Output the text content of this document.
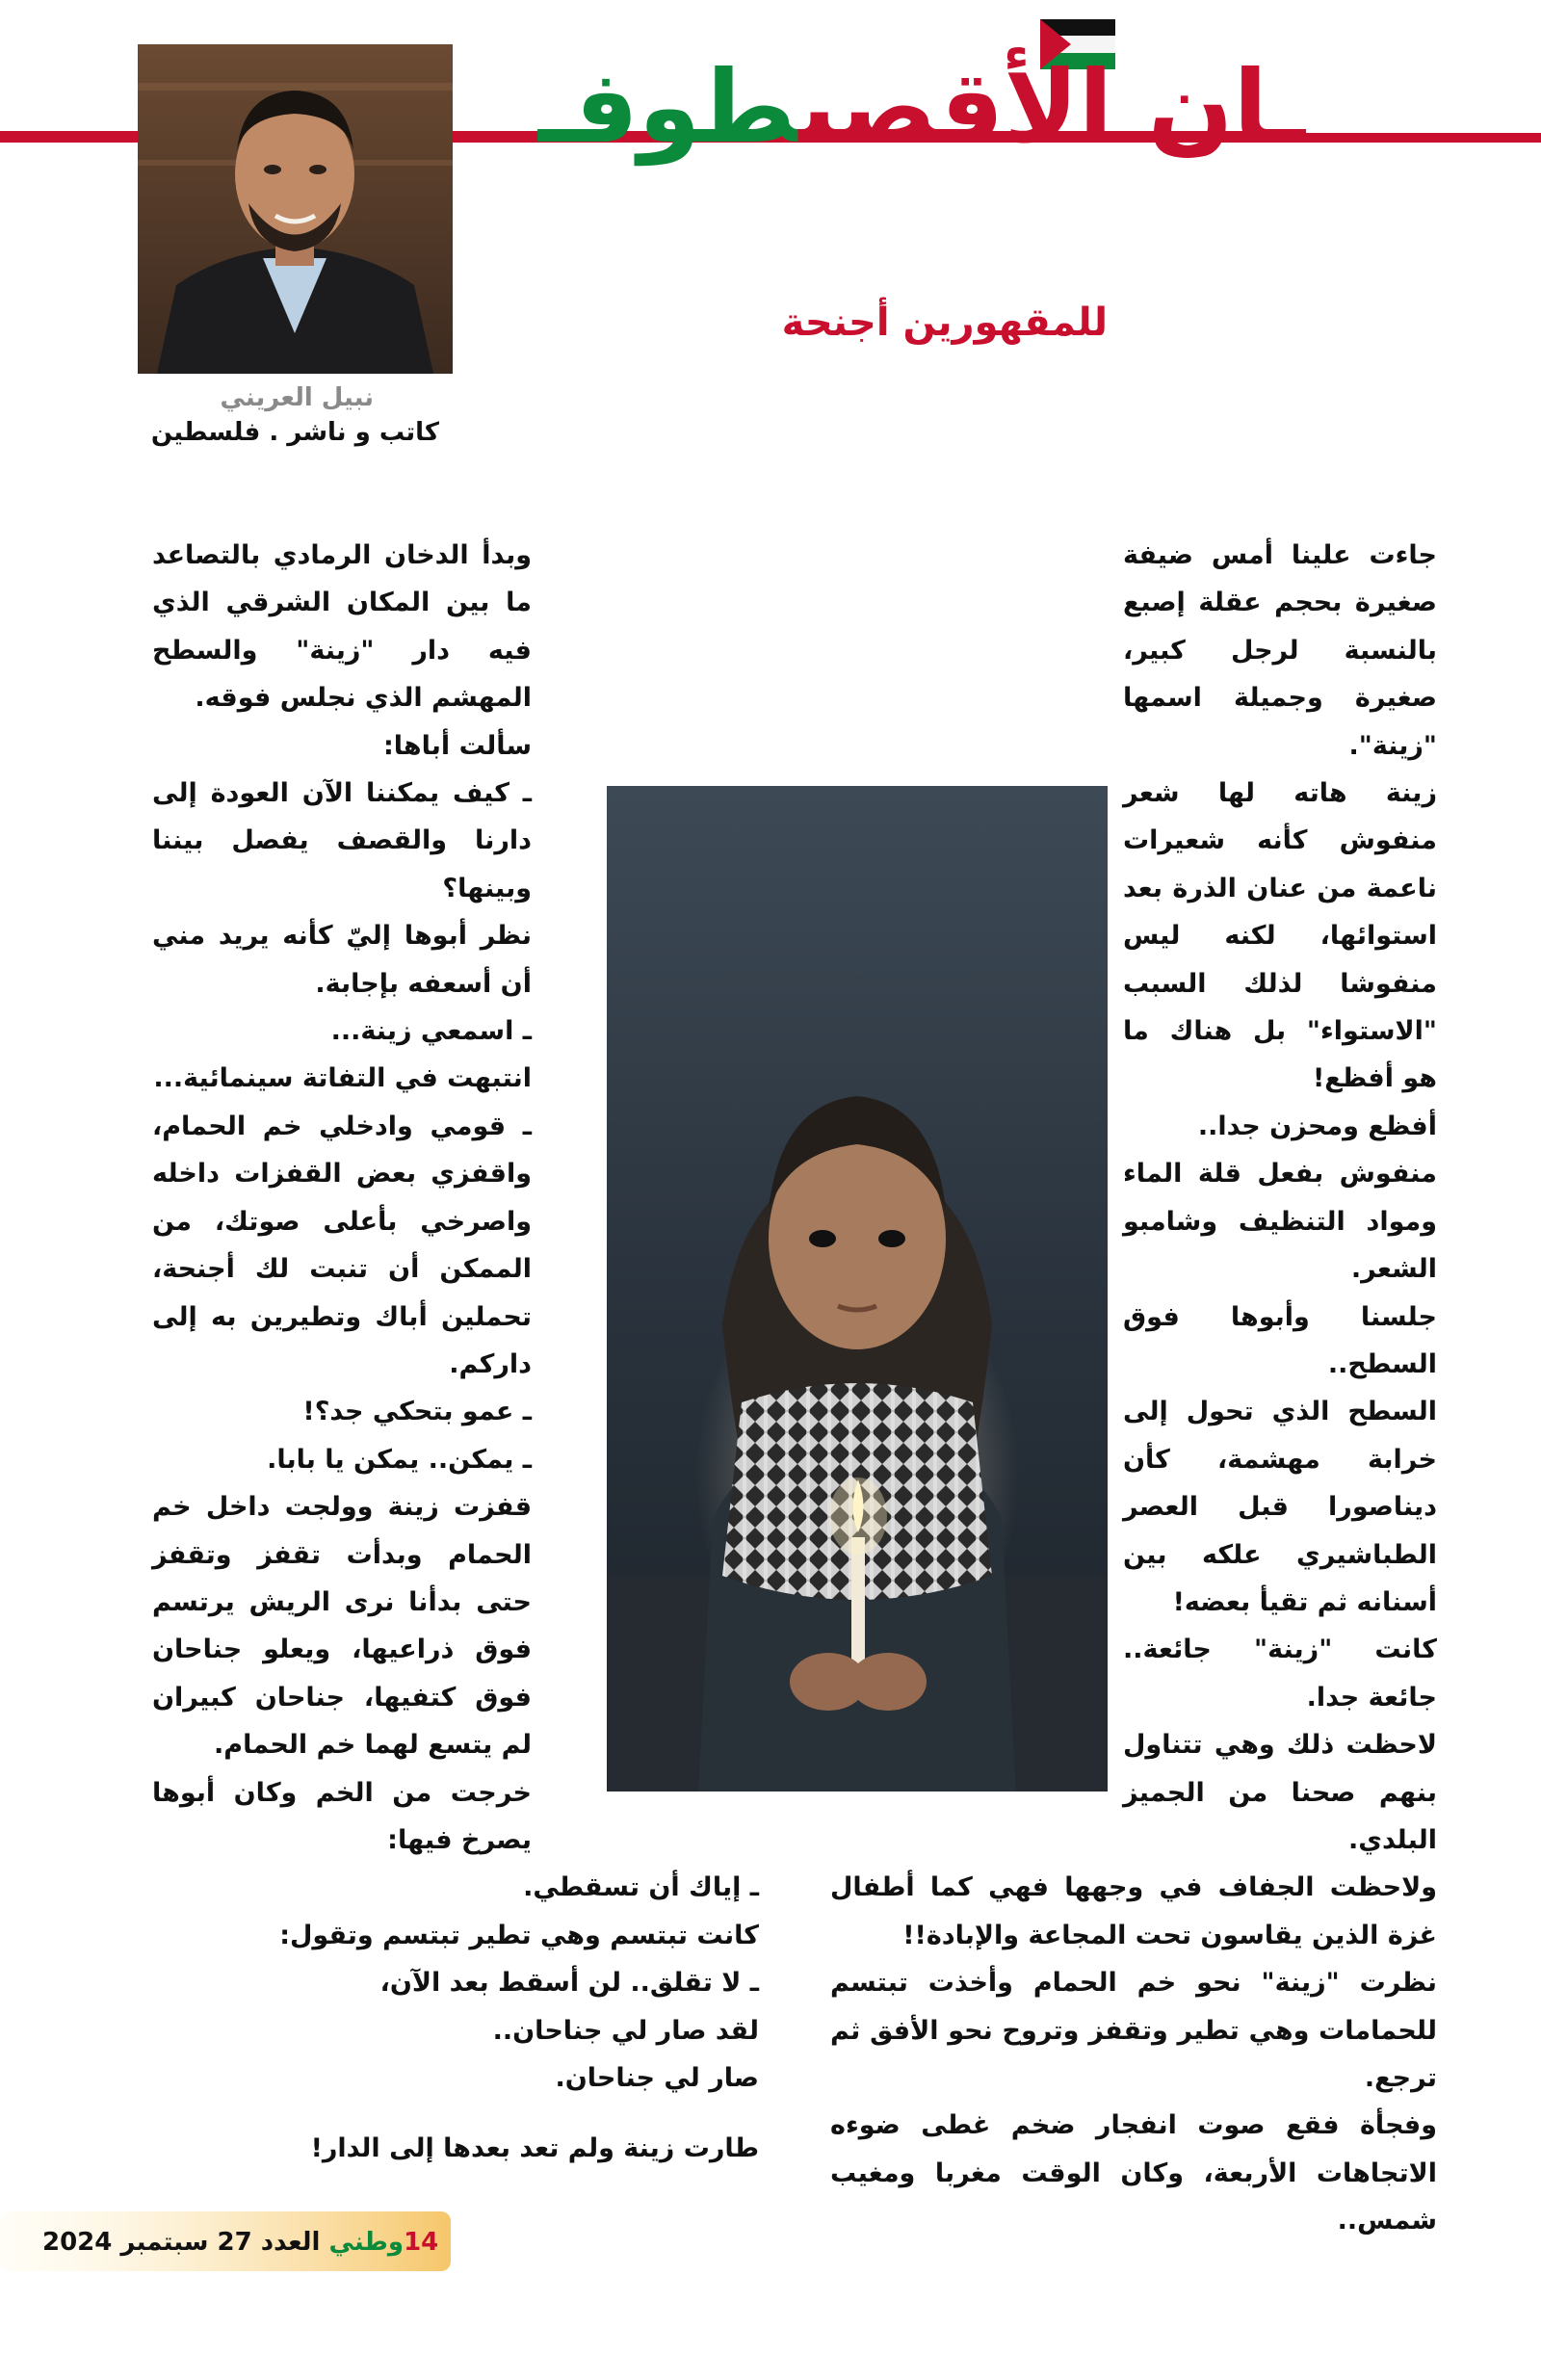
ـان الأقصىطوفـ
للمقهورين أجنحة
نبيل العريني
كاتب و ناشر . فلسطين

جاءت علينا أمس ضيفة صغيرة بحجم عقلة إصبع بالنسبة لرجل كبير، صغيرة وجميلة اسمها "زينة".

زينة هاته لها شعر منفوش كأنه شعيرات ناعمة من عنان الذرة بعد استوائها، لكنه ليس منفوشا لذلك السبب "الاستواء" بل هناك ما هو أفظع!

أفظع ومحزن جدا..

منفوش بفعل قلة الماء ومواد التنظيف وشامبو الشعر.

جلسنا وأبوها فوق السطح..

السطح الذي تحول إلى خرابة مهشمة، كأن ديناصورا قبل العصر الطباشيري علكه بين أسنانه ثم تقيأ بعضه!

كانت "زينة" جائعة.. جائعة جدا.

لاحظت ذلك وهي تتناول بنهم صحنا من الجميز البلدي.

ولاحظت الجفاف في وجهها فهي كما أطفال غزة الذين يقاسون تحت المجاعة والإبادة!!

نظرت "زينة" نحو خم الحمام وأخذت تبتسم للحمامات وهي تطير وتقفز وتروح نحو الأفق ثم ترجع.

وفجأة فقع صوت انفجار ضخم غطى ضوءه الاتجاهات الأربعة، وكان الوقت مغربا ومغيب شمس..

وبدأ الدخان الرمادي بالتصاعد ما بين المكان الشرقي الذي فيه دار "زينة" والسطح المهشم الذي نجلس فوقه.

سألت أباها:

ـ كيف يمكننا الآن العودة إلى دارنا والقصف يفصل بيننا وبينها؟

نظر أبوها إليّ كأنه يريد مني أن أسعفه بإجابة.

ـ اسمعي زينة...

انتبهت في التفاتة سينمائية...

ـ قومي وادخلي خم الحمام، واقفزي بعض القفزات داخله واصرخي بأعلى صوتك، من الممكن أن تنبت لك أجنحة، تحملين أباك وتطيرين به إلى داركم.

ـ عمو بتحكي جد؟!

ـ يمكن.. يمكن يا بابا.

قفزت زينة وولجت داخل خم الحمام وبدأت تقفز وتقفز حتى بدأنا نرى الريش يرتسم فوق ذراعيها، ويعلو جناحان فوق كتفيها، جناحان كبيران لم يتسع لهما خم الحمام.

خرجت من الخم وكان أبوها يصرخ فيها:

ـ إياك أن تسقطي.

كانت تبتسم وهي تطير تبتسم وتقول:

ـ لا تقلق.. لن أسقط بعد الآن،

لقد صار لي جناحان..

صار لي جناحان.

طارت زينة ولم تعد بعدها إلى الدار!

14وطني العدد 27 سبتمبر 2024
